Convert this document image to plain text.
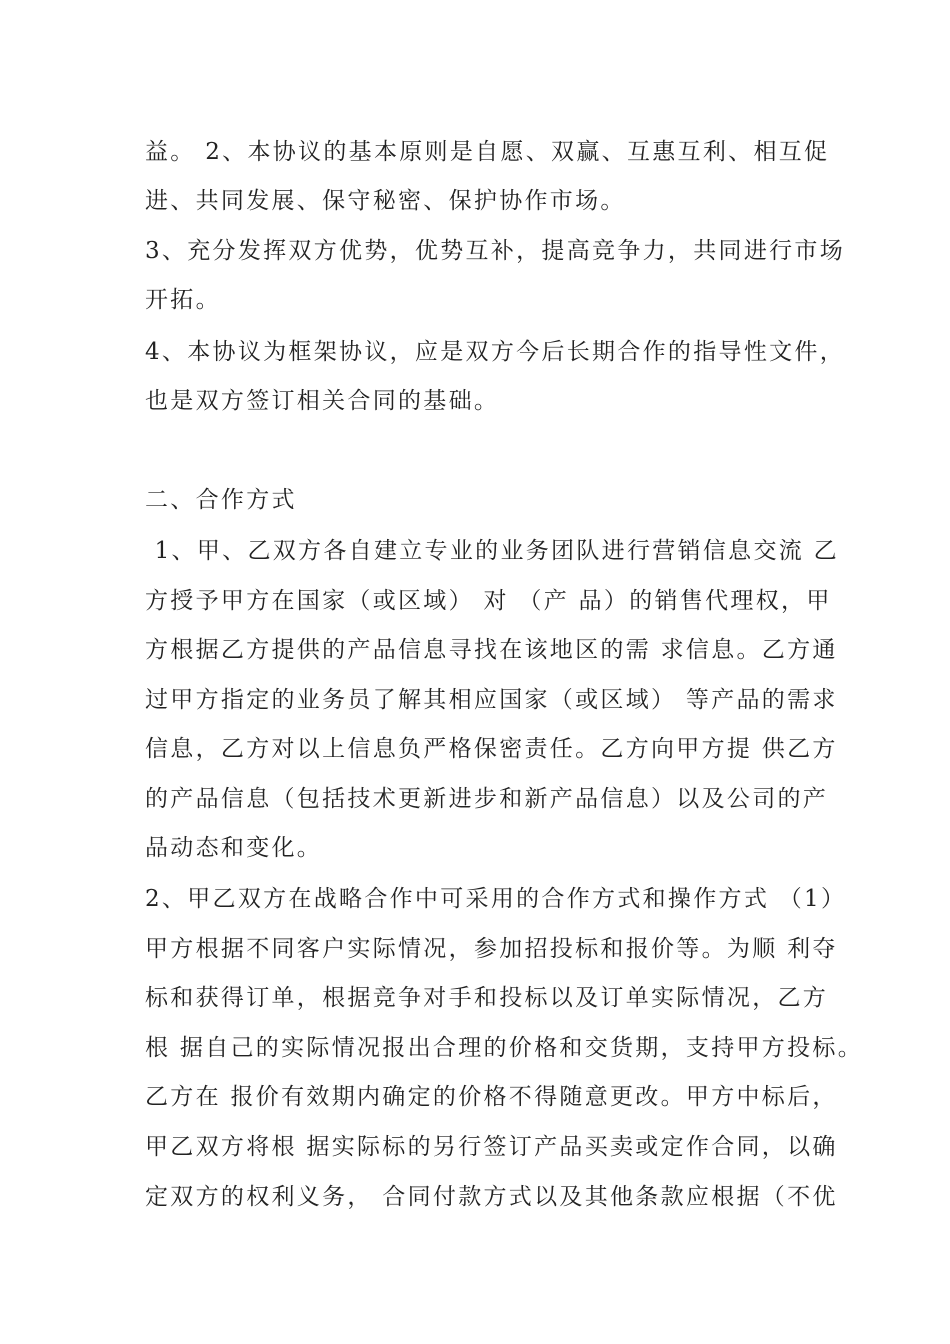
益。 2、本协议的基本原则是自愿、双赢、互惠互利、相互促
进、共同发展、保守秘密、保护协作市场。
3、充分发挥双方优势，优势互补，提高竞争力，共同进行市场
开拓。
4、本协议为框架协议，应是双方今后长期合作的指导性文件，
也是双方签订相关合同的基础。
二、合作方式
1、甲、乙双方各自建立专业的业务团队进行营销信息交流 乙
方授予甲方在国家（或区域） 对 （产 品）的销售代理权，甲
方根据乙方提供的产品信息寻找在该地区的需 求信息。乙方通
过甲方指定的业务员了解其相应国家（或区域） 等产品的需求
信息，乙方对以上信息负严格保密责任。乙方向甲方提 供乙方
的产品信息（包括技术更新进步和新产品信息）以及公司的产
品动态和变化。
2、甲乙双方在战略合作中可采用的合作方式和操作方式 （1）
甲方根据不同客户实际情况，参加招投标和报价等。为顺 利夺
标和获得订单，根据竞争对手和投标以及订单实际情况，乙方
根 据自己的实际情况报出合理的价格和交货期，支持甲方投标。
乙方在 报价有效期内确定的价格不得随意更改。甲方中标后，
甲乙双方将根 据实际标的另行签订产品买卖或定作合同，以确
定双方的权利义务， 合同付款方式以及其他条款应根据（不优
